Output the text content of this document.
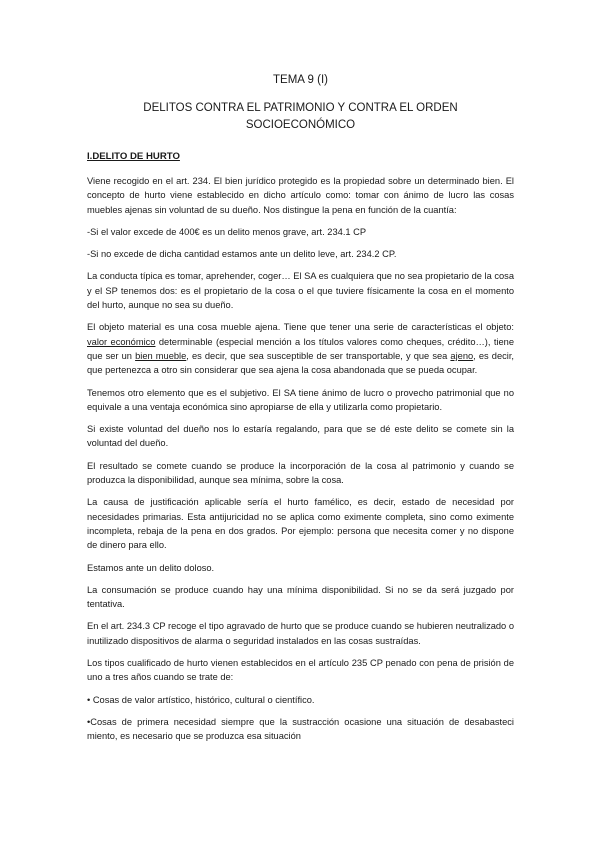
TEMA 9 (I)
DELITOS CONTRA EL PATRIMONIO Y CONTRA EL ORDEN
SOCIOECONÓMICO
I.DELITO DE HURTO

Viene recogido en el art. 234. El bien jurídico protegido es la propiedad sobre un determinado bien. El concepto de hurto viene establecido en dicho artículo como: tomar con ánimo de lucro las cosas muebles ajenas sin voluntad de su dueño. Nos distingue la pena en función de la cuantía:

-Si el valor excede de 400€ es un delito menos grave, art. 234.1 CP

-Si no excede de dicha cantidad estamos ante un delito leve, art. 234.2 CP.

La conducta típica es tomar, aprehender, coger… El SA es cualquiera que no sea propietario de la cosa y el SP tenemos dos: es el propietario de la cosa o el que tuviere físicamente la cosa en el momento del hurto, aunque no sea su dueño.

El objeto material es una cosa mueble ajena. Tiene que tener una serie de características el objeto: valor económico determinable (especial mención a los títulos valores como cheques, crédito…), tiene que ser un bien mueble, es decir, que sea susceptible de ser transportable, y que sea ajeno, es decir, que pertenezca a otro sin considerar que sea ajena la cosa abandonada que se pueda ocupar.

Tenemos otro elemento que es el subjetivo. El SA tiene ánimo de lucro o provecho patrimonial que no equivale a una ventaja económica sino apropiarse de ella y utilizarla como propietario.

Si existe voluntad del dueño nos lo estaría regalando, para que se dé este delito se comete sin la voluntad del dueño.

El resultado se comete cuando se produce la incorporación de la cosa al patrimonio y cuando se produzca la disponibilidad, aunque sea mínima, sobre la cosa.

La causa de justificación aplicable sería el hurto famélico, es decir, estado de necesidad por necesidades primarias. Esta antijuricidad no se aplica como eximente completa, sino como eximente incompleta, rebaja de la pena en dos grados. Por ejemplo: persona que necesita comer y no dispone de dinero para ello.

Estamos ante un delito doloso.

La consumación se produce cuando hay una mínima disponibilidad. Si no se da será juzgado por tentativa.

En el art. 234.3 CP recoge el tipo agravado de hurto que se produce cuando se hubieren neutralizado o inutilizado dispositivos de alarma o seguridad instalados en las cosas sustraídas.

Los tipos cualificado de hurto vienen establecidos en el artículo 235 CP penado con pena de prisión de uno a tres años cuando se trate de:

• Cosas de valor artístico, histórico, cultural o científico.

•Cosas de primera necesidad siempre que la sustracción ocasione una situación de desabasteci miento, es necesario que se produzca esa situación
